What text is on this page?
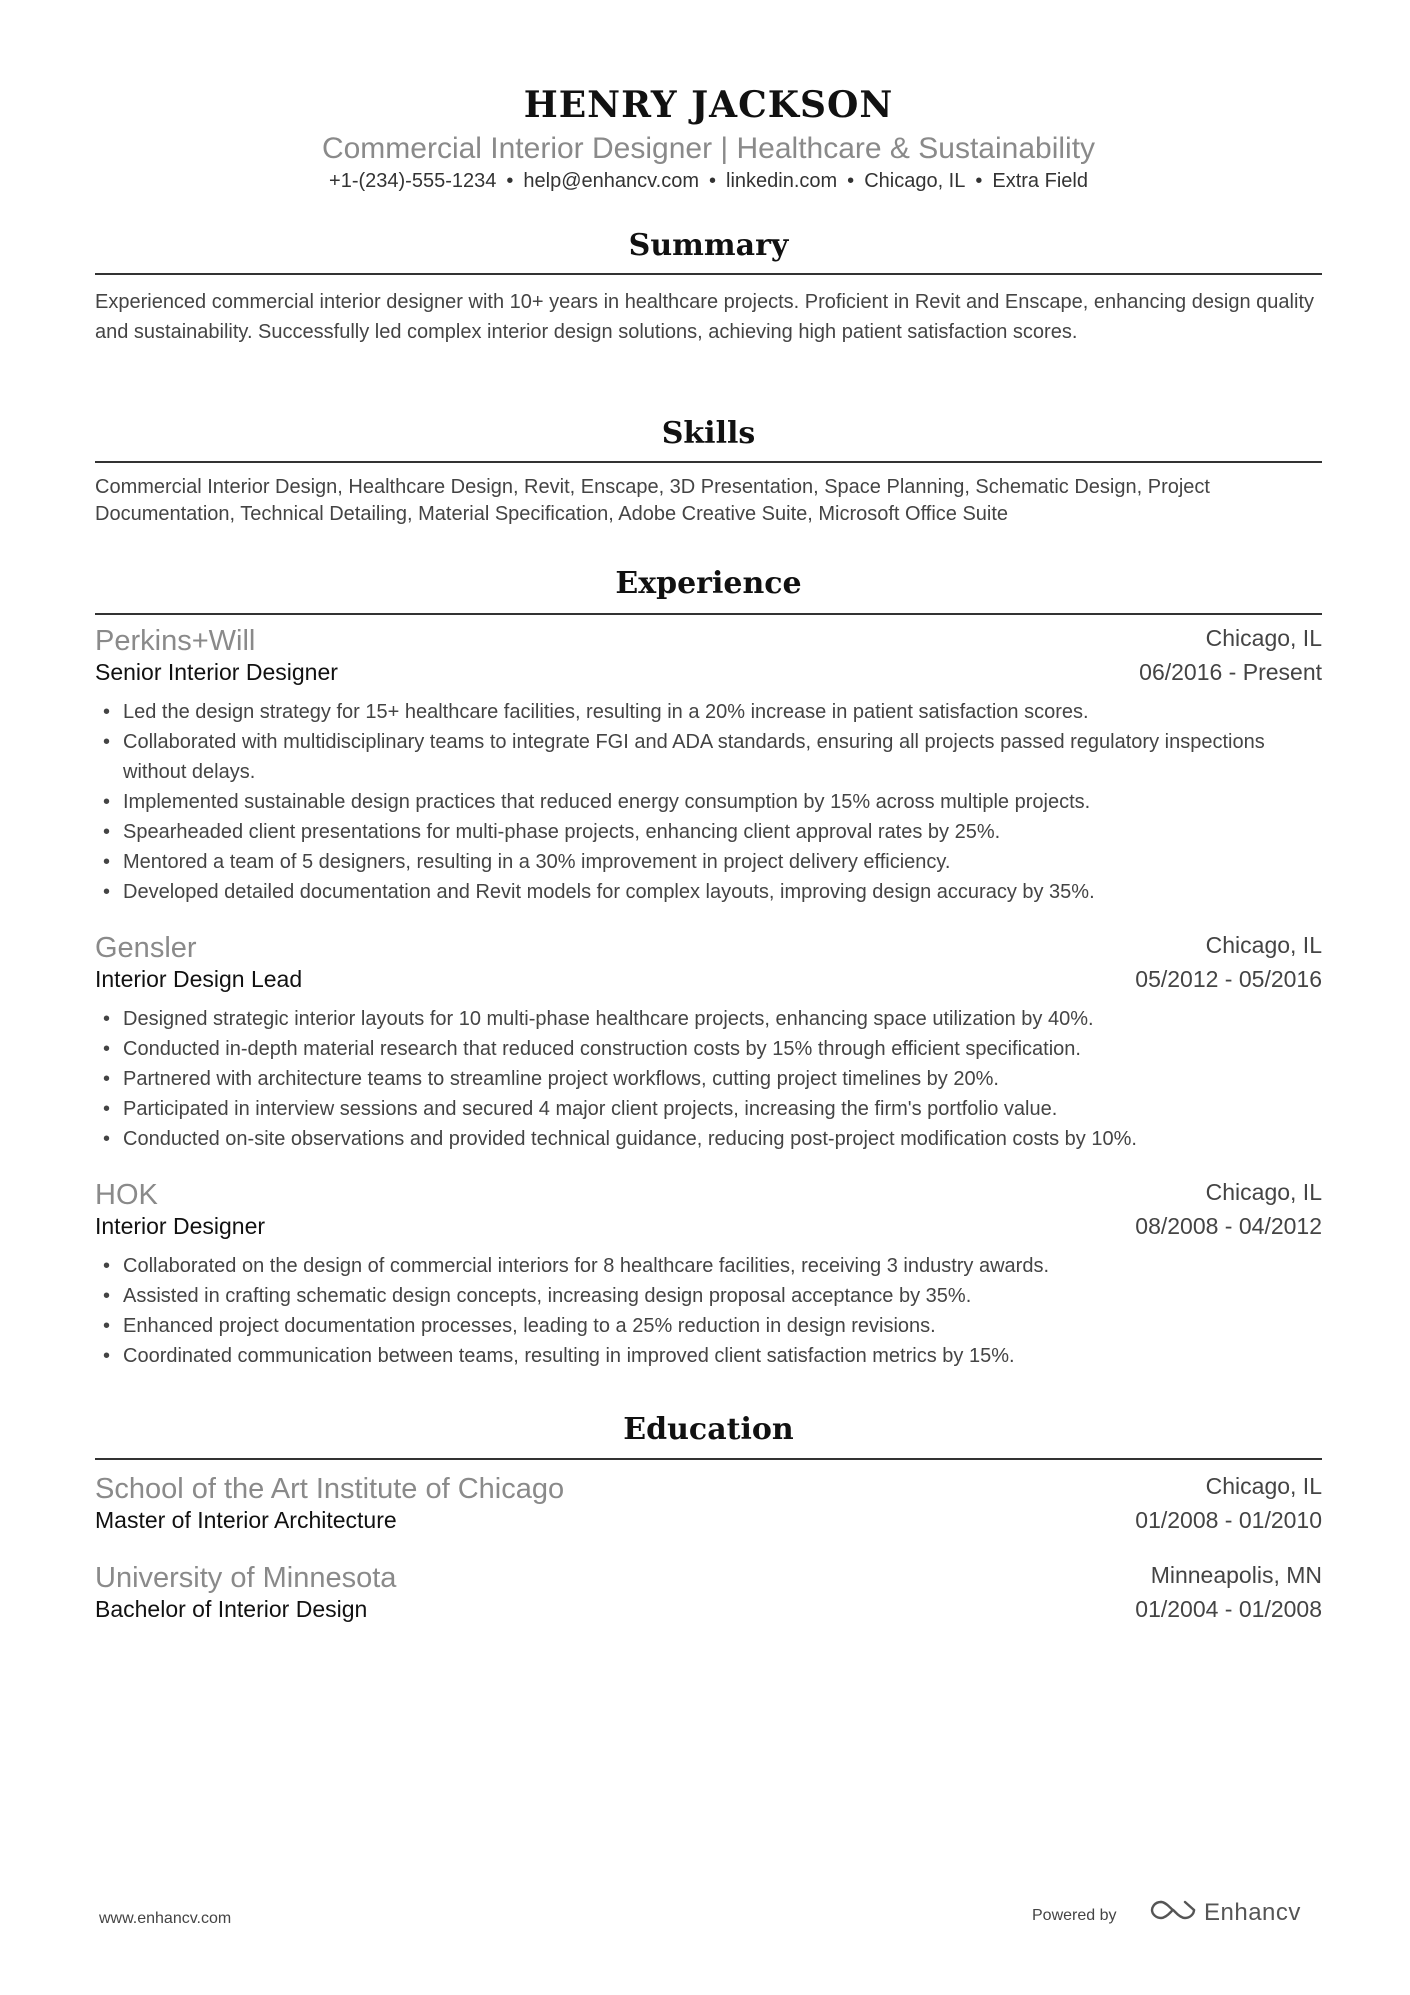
HENRY JACKSON
Commercial Interior Designer | Healthcare & Sustainability
+1-(234)-555-1234 • help@enhancv.com • linkedin.com • Chicago, IL • Extra Field
Summary
Experienced commercial interior designer with 10+ years in healthcare projects. Proficient in Revit and Enscape, enhancing design quality and sustainability. Successfully led complex interior design solutions, achieving high patient satisfaction scores.
Skills
Commercial Interior Design, Healthcare Design, Revit, Enscape, 3D Presentation, Space Planning, Schematic Design, Project Documentation, Technical Detailing, Material Specification, Adobe Creative Suite, Microsoft Office Suite
Experience
Perkins+Will	Chicago, IL
Senior Interior Designer	06/2016 - Present
• Led the design strategy for 15+ healthcare facilities, resulting in a 20% increase in patient satisfaction scores.
• Collaborated with multidisciplinary teams to integrate FGI and ADA standards, ensuring all projects passed regulatory inspections without delays.
• Implemented sustainable design practices that reduced energy consumption by 15% across multiple projects.
• Spearheaded client presentations for multi-phase projects, enhancing client approval rates by 25%.
• Mentored a team of 5 designers, resulting in a 30% improvement in project delivery efficiency.
• Developed detailed documentation and Revit models for complex layouts, improving design accuracy by 35%.
Gensler	Chicago, IL
Interior Design Lead	05/2012 - 05/2016
• Designed strategic interior layouts for 10 multi-phase healthcare projects, enhancing space utilization by 40%.
• Conducted in-depth material research that reduced construction costs by 15% through efficient specification.
• Partnered with architecture teams to streamline project workflows, cutting project timelines by 20%.
• Participated in interview sessions and secured 4 major client projects, increasing the firm's portfolio value.
• Conducted on-site observations and provided technical guidance, reducing post-project modification costs by 10%.
HOK	Chicago, IL
Interior Designer	08/2008 - 04/2012
• Collaborated on the design of commercial interiors for 8 healthcare facilities, receiving 3 industry awards.
• Assisted in crafting schematic design concepts, increasing design proposal acceptance by 35%.
• Enhanced project documentation processes, leading to a 25% reduction in design revisions.
• Coordinated communication between teams, resulting in improved client satisfaction metrics by 15%.
Education
School of the Art Institute of Chicago	Chicago, IL
Master of Interior Architecture	01/2008 - 01/2010
University of Minnesota	Minneapolis, MN
Bachelor of Interior Design	01/2004 - 01/2008
www.enhancv.com	Powered by	Enhancv
